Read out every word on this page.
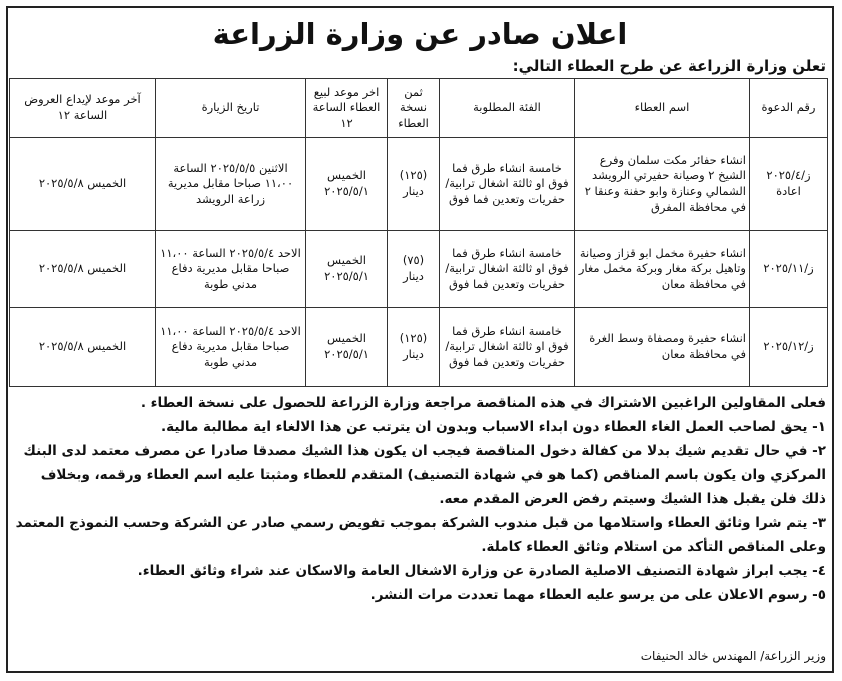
اعلان صادر عن وزارة الزراعة
تعلن وزارة الزراعة عن طرح العطاء التالي:
رقم الدعوة	اسم العطاء	الفئة المطلوبة	ثمن نسخة العطاء	اخر موعد لبيع العطاء الساعة ١٢	تاريخ الزيارة	آخر موعد لإيداع العروض الساعة ١٢
ز/٢٠٢٥/٤ اعادة	انشاء حفائر مكت سلمان وفرع الشيخ ٢ وصيانة حفيرتي الرويشد الشمالي وعنازة وابو حفنة وعنقا ٢ في محافظة المفرق	خامسة انشاء طرق فما فوق او ثالثة اشغال ترابية/ حفريات وتعدين فما فوق	(١٢٥) دينار	الخميس ٢٠٢٥/٥/١	الاثنين ٢٠٢٥/٥/٥ الساعة ١١،٠٠ صباحا مقابل مديرية زراعة الرويشد	الخميس ٢٠٢٥/٥/٨
ز/٢٠٢٥/١١	انشاء حفيرة مخمل ابو قزاز وصيانة وتاهيل بركة مغار وبركة مخمل مغار في محافظة معان	خامسة انشاء طرق فما فوق او ثالثة اشغال ترابية/ حفريات وتعدين فما فوق	(٧٥) دينار	الخميس ٢٠٢٥/٥/١	الاحد ٢٠٢٥/٥/٤ الساعة ١١،٠٠ صباحا مقابل مديرية دفاع مدني طوبة	الخميس ٢٠٢٥/٥/٨
ز/٢٠٢٥/١٢	انشاء حفيرة ومصفاة وسط الغرة في محافظة معان	خامسة انشاء طرق فما فوق او ثالثة اشغال ترابية/ حفريات وتعدين فما فوق	(١٢٥) دينار	الخميس ٢٠٢٥/٥/١	الاحد ٢٠٢٥/٥/٤ الساعة ١١،٠٠ صباحا مقابل مديرية دفاع مدني طوبة	الخميس ٢٠٢٥/٥/٨

فعلى المقاولين الراغبين الاشتراك في هذه المناقصة مراجعة وزارة الزراعة للحصول على نسخة العطاء .

١- يحق لصاحب العمل الغاء العطاء دون ابداء الاسباب وبدون ان يترتب عن هذا الالغاء اية مطالبة مالية.

٢- في حال تقديم شيك بدلا من كفالة دخول المناقصة فيجب ان يكون هذا الشيك مصدقا صادرا عن مصرف معتمد لدى البنك المركزي وان يكون باسم المناقص (كما هو في شهادة التصنيف) المتقدم للعطاء ومثبتا عليه اسم العطاء ورقمه، وبخلاف ذلك فلن يقبل هذا الشيك وسيتم رفض العرض المقدم معه.

٣- يتم شرا وثائق العطاء واستلامها من قبل مندوب الشركة بموجب تفويض رسمي صادر عن الشركة وحسب النموذج المعتمد وعلى المناقص التأكد من استلام وثائق العطاء كاملة.

٤- يجب ابراز شهادة التصنيف الاصلية الصادرة عن وزارة الاشغال العامة والاسكان عند شراء وثائق العطاء.

٥- رسوم الاعلان على من يرسو عليه العطاء مهما تعددت مرات النشر.

وزير الزراعة/ المهندس خالد الحنيفات
